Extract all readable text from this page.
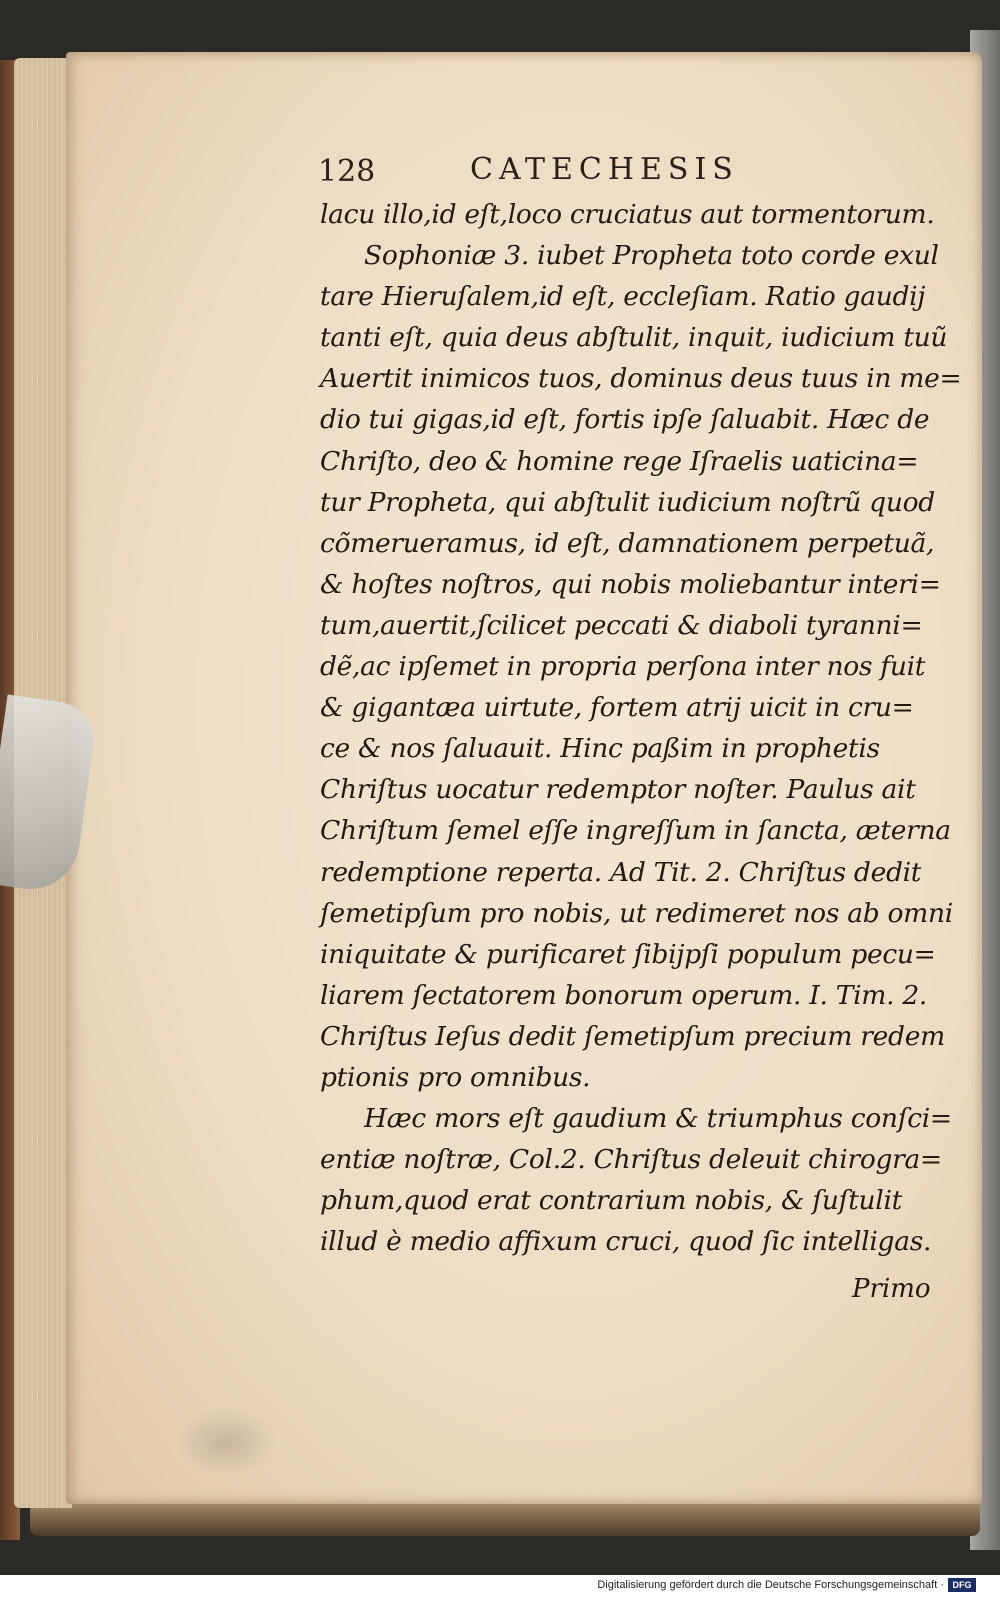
128	CATECHESIS
lacu illo,id eſt,loco cruciatus aut tormentorum.
Sophoniæ 3. iubet Propheta toto corde exul
tare Hieruſalem,id eſt, eccleſiam. Ratio gaudij
tanti eſt, quia deus abſtulit, inquit, iudicium tuũ
Auertit inimicos tuos, dominus deus tuus in me=
dio tui gigas,id eſt, fortis ipſe ſaluabit. Hæc de
Chriſto, deo & homine rege Iſraelis uaticina=
tur Propheta, qui abſtulit iudicium noſtrũ quod
cõmerueramus, id eſt, damnationem perpetuã,
& hoſtes noſtros, qui nobis moliebantur interi=
tum,auertit,ſcilicet peccati & diaboli tyranni=
dẽ,ac ipſemet in propria perſona inter nos fuit
& gigantæa uirtute, fortem atrij uicit in cru=
ce & nos ſaluauit. Hinc paßim in prophetis
Chriſtus uocatur redemptor noſter. Paulus ait
Chriſtum ſemel eſſe ingreſſum in ſancta, æterna
redemptione reperta. Ad Tit. 2. Chriſtus dedit
ſemetipſum pro nobis, ut redimeret nos ab omni
iniquitate & purificaret ſibijpſi populum pecu=
liarem ſectatorem bonorum operum. I. Tim. 2.
Chriſtus Ieſus dedit ſemetipſum precium redem
ptionis pro omnibus.
Hæc mors eſt gaudium & triumphus conſci=
entiæ noſtræ, Col.2. Chriſtus deleuit chirogra=
phum,quod erat contrarium nobis, & ſuſtulit
illud è medio affixum cruci, quod ſic intelligas.
Primo
Digitalisierung gefördert durch die Deutsche Forschungsgemeinschaft · DFG
